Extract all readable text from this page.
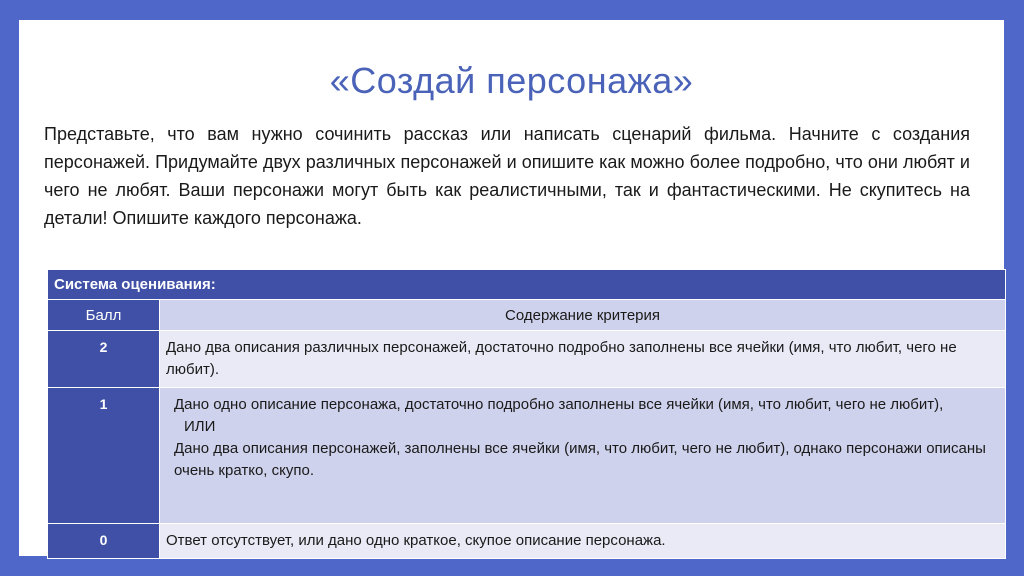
«Создай персонажа»

Представьте, что вам нужно сочинить рассказ или написать сценарий фильма. Начните с создания персонажей. Придумайте двух различных персонажей и опишите как можно более подробно, что они любят и чего не любят. Ваши персонажи могут быть как реалистичными, так и фантастическими. Не скупитесь на детали! Опишите каждого персонажа.

Система оценивания:	
Балл	Содержание критерия
2	Дано два описания различных персонажей, достаточно подробно заполнены все ячейки (имя, что любит, чего не любит).
1	Дано одно описание персонажа, достаточно подробно заполнены все ячейки (имя, что любит, чего не любит),
ИЛИ
Дано два описания персонажей, заполнены все ячейки (имя, что любит, чего не любит), однако персонажи описаны очень кратко, скупо.

0	Ответ отсутствует, или дано одно краткое, скупое описание персонажа.
